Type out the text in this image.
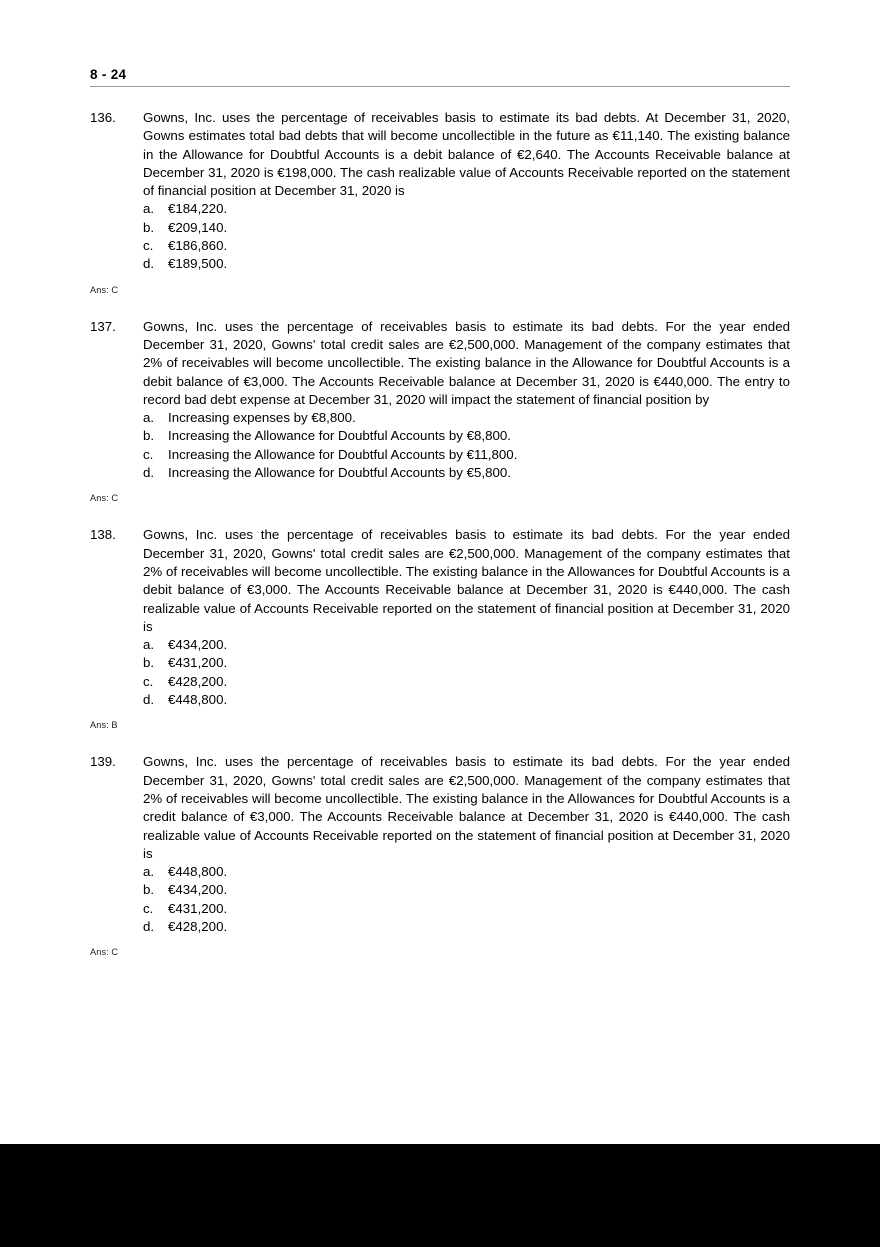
8 - 24
136.	Gowns, Inc. uses the percentage of receivables basis to estimate its bad debts. At December 31, 2020, Gowns estimates total bad debts that will become uncollectible in the future as €11,140. The existing balance in the Allowance for Doubtful Accounts is a debit balance of €2,640. The Accounts Receivable balance at December 31, 2020 is €198,000. The cash realizable value of Accounts Receivable reported on the statement of financial position at December 31, 2020 is
a.	€184,220.
b.	€209,140.
c.	€186,860.
d.	€189,500.
Ans: C
137.	Gowns, Inc. uses the percentage of receivables basis to estimate its bad debts. For the year ended December 31, 2020, Gowns' total credit sales are €2,500,000. Management of the company estimates that 2% of receivables will become uncollectible. The existing balance in the Allowance for Doubtful Accounts is a debit balance of €3,000. The Accounts Receivable balance at December 31, 2020 is €440,000. The entry to record bad debt expense at December 31, 2020 will impact the statement of financial position by
a.	Increasing expenses by €8,800.
b.	Increasing the Allowance for Doubtful Accounts by €8,800.
c.	Increasing the Allowance for Doubtful Accounts by €11,800.
d.	Increasing the Allowance for Doubtful Accounts by €5,800.
Ans: C
138.	Gowns, Inc. uses the percentage of receivables basis to estimate its bad debts. For the year ended December 31, 2020, Gowns' total credit sales are €2,500,000. Management of the company estimates that 2% of receivables will become uncollectible. The existing balance in the Allowances for Doubtful Accounts is a debit balance of €3,000. The Accounts Receivable balance at December 31, 2020 is €440,000. The cash realizable value of Accounts Receivable reported on the statement of financial position at December 31, 2020 is
a.	€434,200.
b.	€431,200.
c.	€428,200.
d.	€448,800.
Ans: B
139.	Gowns, Inc. uses the percentage of receivables basis to estimate its bad debts. For the year ended December 31, 2020, Gowns' total credit sales are €2,500,000. Management of the company estimates that 2% of receivables will become uncollectible. The existing balance in the Allowances for Doubtful Accounts is a credit balance of €3,000. The Accounts Receivable balance at December 31, 2020 is €440,000. The cash realizable value of Accounts Receivable reported on the statement of financial position at December 31, 2020 is
a.	€448,800.
b.	€434,200.
c.	€431,200.
d.	€428,200.
Ans: C
